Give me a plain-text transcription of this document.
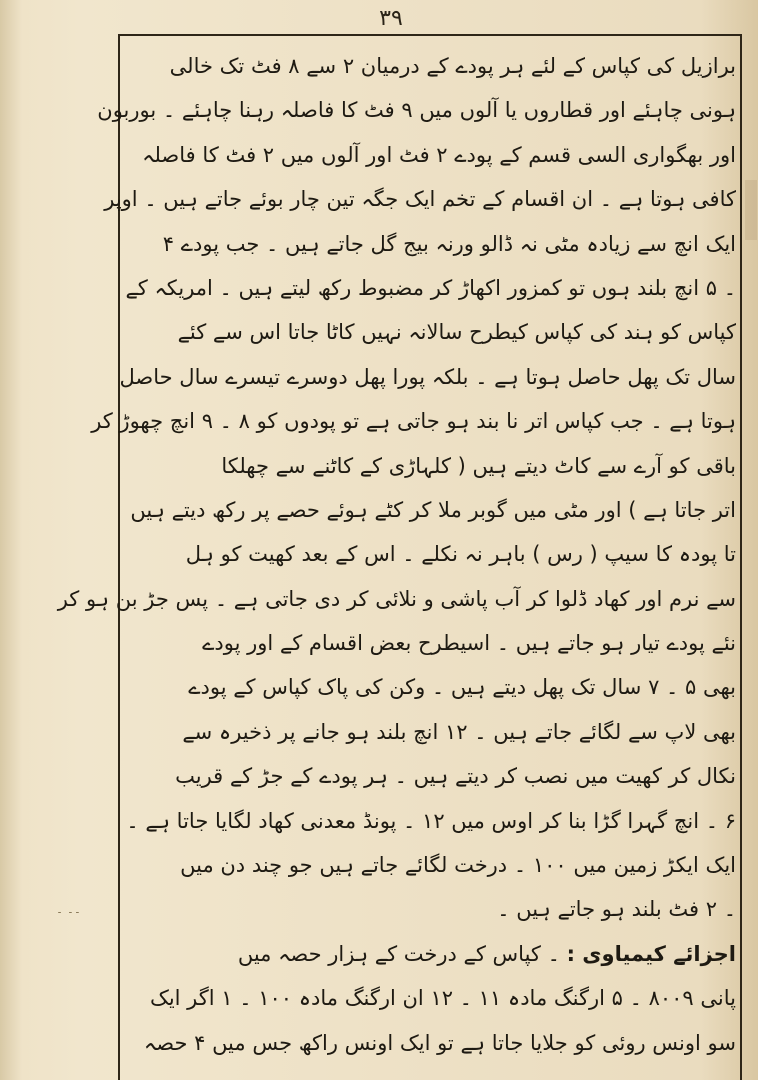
۳۹
۔۔ ۔
برازیل کی کپاس کے لئے ہر پودے کے درمیان ۲ سے ۸ فٹ تک خالی
ہونی چاہئے اور قطاروں یا آلوں میں ۹ فٹ کا فاصلہ رہنا چاہئے ۔ بوربون
اور بھگواری السی قسم کے پودے ۲ فٹ اور آلوں میں ۲ فٹ کا فاصلہ
کافی ہوتا ہے ۔ ان اقسام کے تخم ایک جگہ تین چار بوئے جاتے ہیں ۔ اوپر
ایک انچ سے زیادہ مٹی نہ ڈالو ورنہ بیج گل جاتے ہیں ۔ جب پودے ۴
۔ ۵ انچ بلند ہوں تو کمزور اکھاڑ کر مضبوط رکھ لیتے ہیں ۔ امریکہ کے
کپاس کو ہند کی کپاس کیطرح سالانہ نہیں کاٹا جاتا اس سے کئے
سال تک پھل حاصل ہوتا ہے ۔ بلکہ پورا پھل دوسرے تیسرے سال حاصل
ہوتا ہے ۔ جب کپاس اتر نا بند ہو جاتی ہے تو پودوں کو ۸ ۔ ۹ انچ چھوڑ کر
باقی کو آرے سے کاٹ دیتے ہیں ( کلہاڑی کے کاٹنے سے چھلکا
اتر جاتا ہے ) اور مٹی میں گوبر ملا کر کٹے ہوئے حصے پر رکھ دیتے ہیں
تا پودہ کا سیپ ( رس ) باہر نہ نکلے ۔ اس کے بعد کھیت کو ہل
سے نرم اور کھاد ڈلوا کر آب پاشی و نلائی کر دی جاتی ہے ۔ پس جڑ بن ہو کر
نئے پودے تیار ہو جاتے ہیں ۔ اسیطرح بعض اقسام کے اور پودے
بھی ۵ ۔ ۷ سال تک پھل دیتے ہیں ۔ وکن کی پاک کپاس کے پودے
بھی لاپ سے لگائے جاتے ہیں ۔ ۱۲ انچ بلند ہو جانے پر ذخیرہ سے
نکال کر کھیت میں نصب کر دیتے ہیں ۔ ہر پودے کے جڑ کے قریب
۶ ۔ انچ گہرا گڑا بنا کر اوس میں ۱۲ ۔ پونڈ معدنی کھاد لگایا جاتا ہے ۔
ایک ایکڑ زمین میں ۱۰۰ ۔ درخت لگائے جاتے ہیں جو چند دن میں
۔ ۲ فٹ بلند ہو جاتے ہیں ۔
اجزائے کیمیاوی : ۔ کپاس کے درخت کے ہزار حصہ میں
پانی ۸۰۰۹ ۔ ۵ ارگنگ مادہ ۱۱ ۔ ۱۲ ان ارگنگ مادہ ۱۰۰ ۔ ۱ اگر ایک
سو اونس روئی کو جلایا جاتا ہے تو ایک اونس راکھ جس میں ۴ حصہ
